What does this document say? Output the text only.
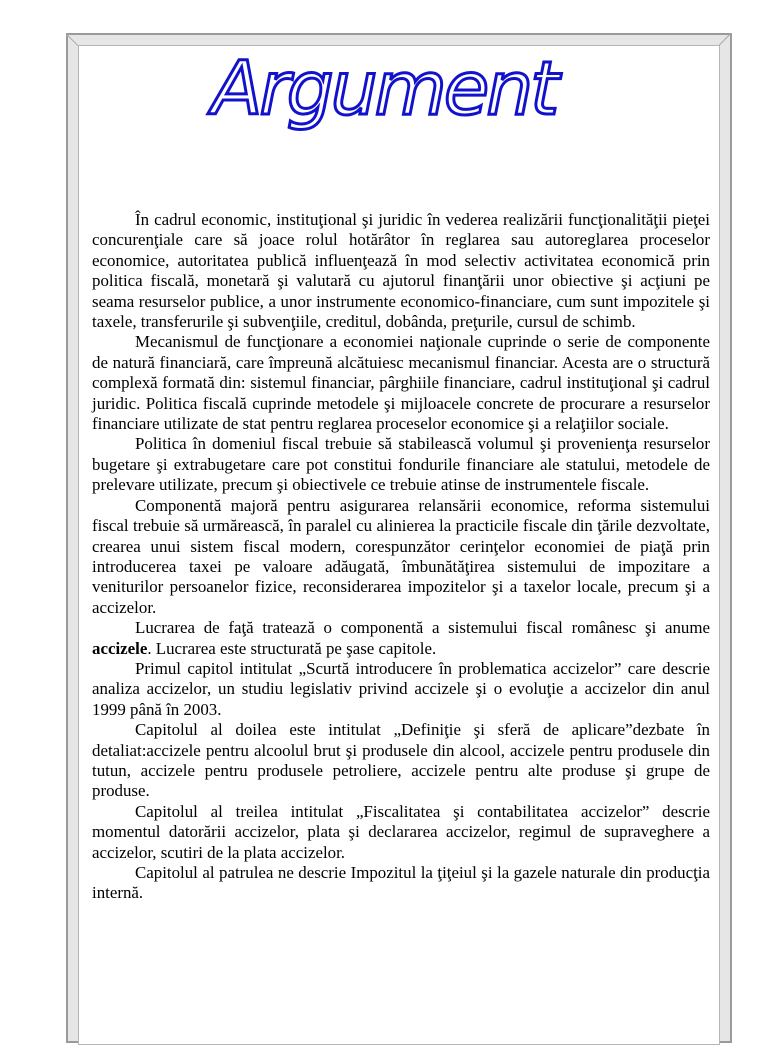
Argument

În cadrul economic, instituţional şi juridic în vederea realizării funcţionalităţii pieţei concurenţiale care să joace rolul hotărâtor în reglarea sau autoreglarea proceselor economice, autoritatea publică influenţează în mod selectiv activitatea economică prin politica fiscală, monetară şi valutară cu ajutorul finanţării unor obiective şi acţiuni pe seama resurselor publice, a unor instrumente economico-financiare, cum sunt impozitele şi taxele, transferurile şi subvenţiile, creditul, dobânda, preţurile, cursul de schimb.

Mecanismul de funcţionare a economiei naţionale cuprinde o serie de componente de natură financiară, care împreună alcătuiesc mecanismul financiar. Acesta are o structură complexă formată din: sistemul financiar, pârghiile financiare, cadrul instituţional şi cadrul juridic. Politica fiscală cuprinde metodele şi mijloacele concrete de procurare a resurselor financiare utilizate de stat pentru reglarea proceselor economice şi a relaţiilor sociale.

Politica în domeniul fiscal trebuie să stabilească volumul şi provenienţa resurselor bugetare şi extrabugetare care pot constitui fondurile financiare ale statului, metodele de prelevare utilizate, precum şi obiectivele ce trebuie atinse de instrumentele fiscale.

Componentă majoră pentru asigurarea relansării economice, reforma sistemului fiscal trebuie să urmărească, în paralel cu alinierea la practicile fiscale din ţările dezvoltate, crearea unui sistem fiscal modern, corespunzător cerinţelor economiei de piaţă prin introducerea taxei pe valoare adăugată, îmbunătăţirea sistemului de impozitare a veniturilor persoanelor fizice, reconsiderarea impozitelor şi a taxelor locale, precum şi a accizelor.

Lucrarea de faţă tratează o componentă a sistemului fiscal românesc şi anume accizele. Lucrarea este structurată pe şase capitole.

Primul capitol intitulat „Scurtă introducere în problematica accizelor” care descrie analiza accizelor, un studiu legislativ privind accizele şi o evoluţie a accizelor din anul 1999 până în 2003.

Capitolul al doilea este intitulat „Definiţie şi sferă de aplicare”dezbate în detaliat:accizele pentru alcoolul brut şi produsele din alcool, accizele pentru produsele din tutun, accizele pentru produsele petroliere, accizele pentru alte produse şi grupe de produse.

Capitolul al treilea intitulat „Fiscalitatea şi contabilitatea accizelor” descrie momentul datorării accizelor, plata şi declararea accizelor, regimul de supraveghere a accizelor, scutiri de la plata accizelor.

Capitolul al patrulea ne descrie Impozitul la ţiţeiul şi la gazele naturale din producţia internă.
